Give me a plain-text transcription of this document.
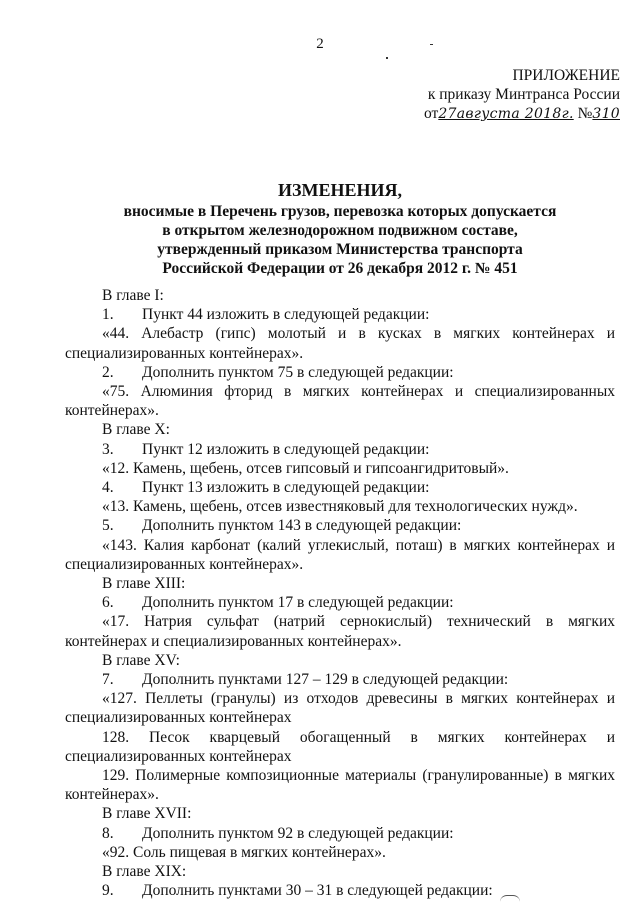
2
ПРИЛОЖЕНИЕ
к приказу Минтранса России
от27августа 2018г. №310
ИЗМЕНЕНИЯ,
вносимые в Перечень грузов, перевозка которых допускается
в открытом железнодорожном подвижном составе,
утвержденный приказом Министерства транспорта
Российской Федерации от 26 декабря 2012 г. № 451

В главе I:

1. Пункт 44 изложить в следующей редакции:

«44. Алебастр (гипс) молотый и в кусках в мягких контейнерах и специализированных контейнерах».

2. Дополнить пунктом 75 в следующей редакции:

«75. Алюминия фторид в мягких контейнерах и специализированных контейнерах».

В главе X:

3. Пункт 12 изложить в следующей редакции:

«12. Камень, щебень, отсев гипсовый и гипсоангидритовый».

4. Пункт 13 изложить в следующей редакции:

«13. Камень, щебень, отсев известняковый для технологических нужд».

5. Дополнить пунктом 143 в следующей редакции:

«143. Калия карбонат (калий углекислый, поташ) в мягких контейнерах и специализированных контейнерах».

В главе XIII:

6. Дополнить пунктом 17 в следующей редакции:

«17. Натрия сульфат (натрий сернокислый) технический в мягких контейнерах и специализированных контейнерах».

В главе XV:

7. Дополнить пунктами 127 – 129 в следующей редакции:

«127. Пеллеты (гранулы) из отходов древесины в мягких контейнерах и специализированных контейнерах

128. Песок кварцевый обогащенный в мягких контейнерах и

специализированных контейнерах

129. Полимерные композиционные материалы (гранулированные) в мягких контейнерах».

В главе XVII:

8. Дополнить пунктом 92 в следующей редакции:

«92. Соль пищевая в мягких контейнерах».

В главе XIX:

9. Дополнить пунктами 30 – 31 в следующей редакции:
